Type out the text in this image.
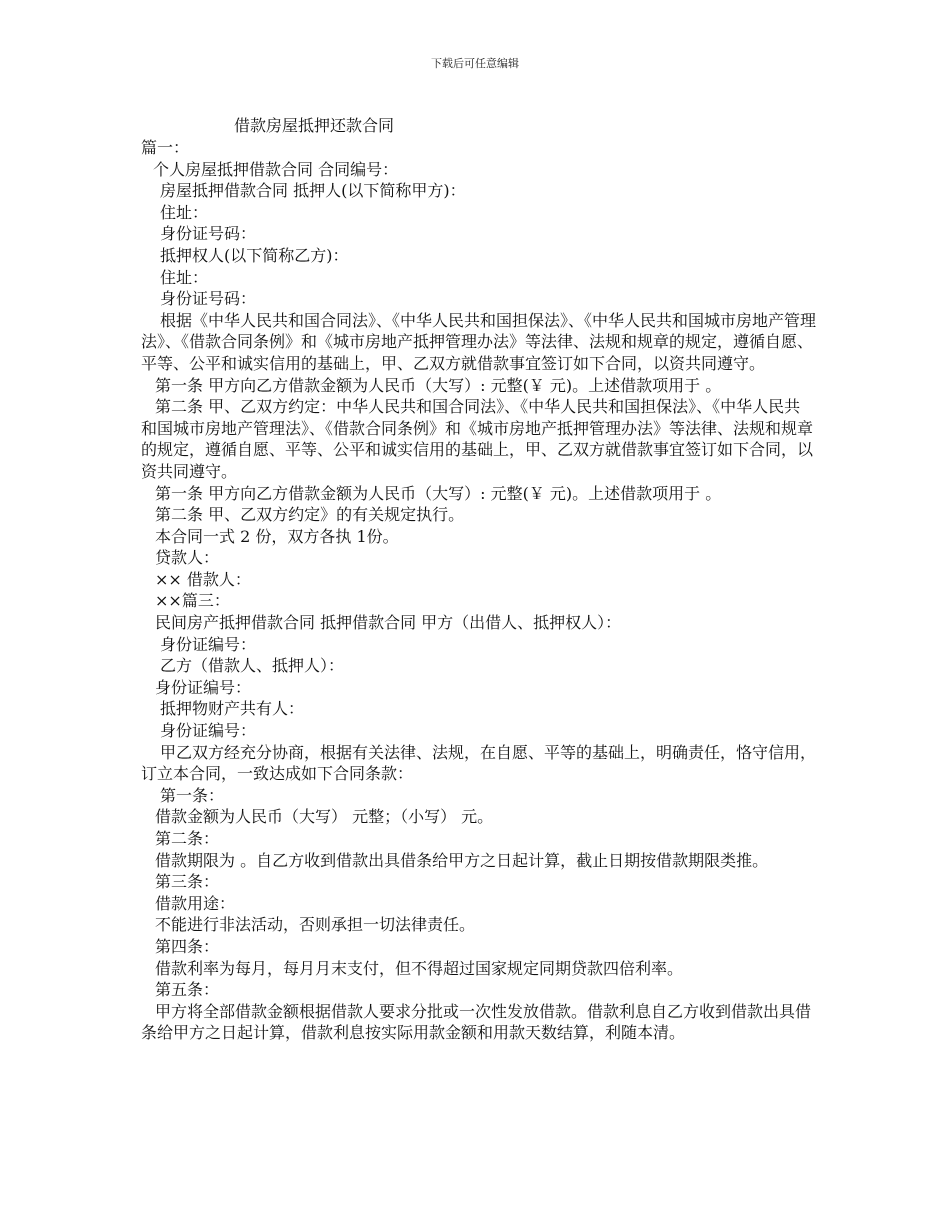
下载后可任意编辑
借款房屋抵押还款合同

篇一：

个人房屋抵押借款合同 合同编号：

房屋抵押借款合同 抵押人(以下简称甲方)：

住址：

身份证号码：

抵押权人(以下简称乙方)：

住址：

身份证号码：

根据《中华人民共和国合同法》、《中华人民共和国担保法》、《中华人民共和国城市房地产管理法》、《借款合同条例》和《城市房地产抵押管理办法》等法律、法规和规章的规定，遵循自愿、平等、公平和诚实信用的基础上，甲、乙双方就借款事宜签订如下合同，以资共同遵守。

第一条 甲方向乙方借款金额为人民币（大写）: 元整(￥ 元)。上述借款项用于 。

第二条 甲、乙双方约定：中华人民共和国合同法》、《中华人民共和国担保法》、《中华人民共和国城市房地产管理法》、《借款合同条例》和《城市房地产抵押管理办法》等法律、法规和规章的规定，遵循自愿、平等、公平和诚实信用的基础上，甲、乙双方就借款事宜签订如下合同，以资共同遵守。

第一条 甲方向乙方借款金额为人民币（大写）: 元整(￥ 元)。上述借款项用于 。

第二条 甲、乙双方约定》的有关规定执行。

本合同一式 2 份，双方各执 1份。

贷款人：

×× 借款人：

××篇三：

民间房产抵押借款合同 抵押借款合同 甲方（出借人、抵押权人）：

身份证编号：

乙方（借款人、抵押人）：

身份证编号：

抵押物财产共有人：

身份证编号：

甲乙双方经充分协商，根据有关法律、法规，在自愿、平等的基础上，明确责任，恪守信用，订立本合同，一致达成如下合同条款：

第一条：

借款金额为人民币（大写） 元整；（小写） 元。

第二条：

借款期限为 。自乙方收到借款出具借条给甲方之日起计算，截止日期按借款期限类推。

第三条：

借款用途：

不能进行非法活动，否则承担一切法律责任。

第四条：

借款利率为每月，每月月末支付，但不得超过国家规定同期贷款四倍利率。

第五条：

甲方将全部借款金额根据借款人要求分批或一次性发放借款。借款利息自乙方收到借款出具借条给甲方之日起计算，借款利息按实际用款金额和用款天数结算，利随本清。
